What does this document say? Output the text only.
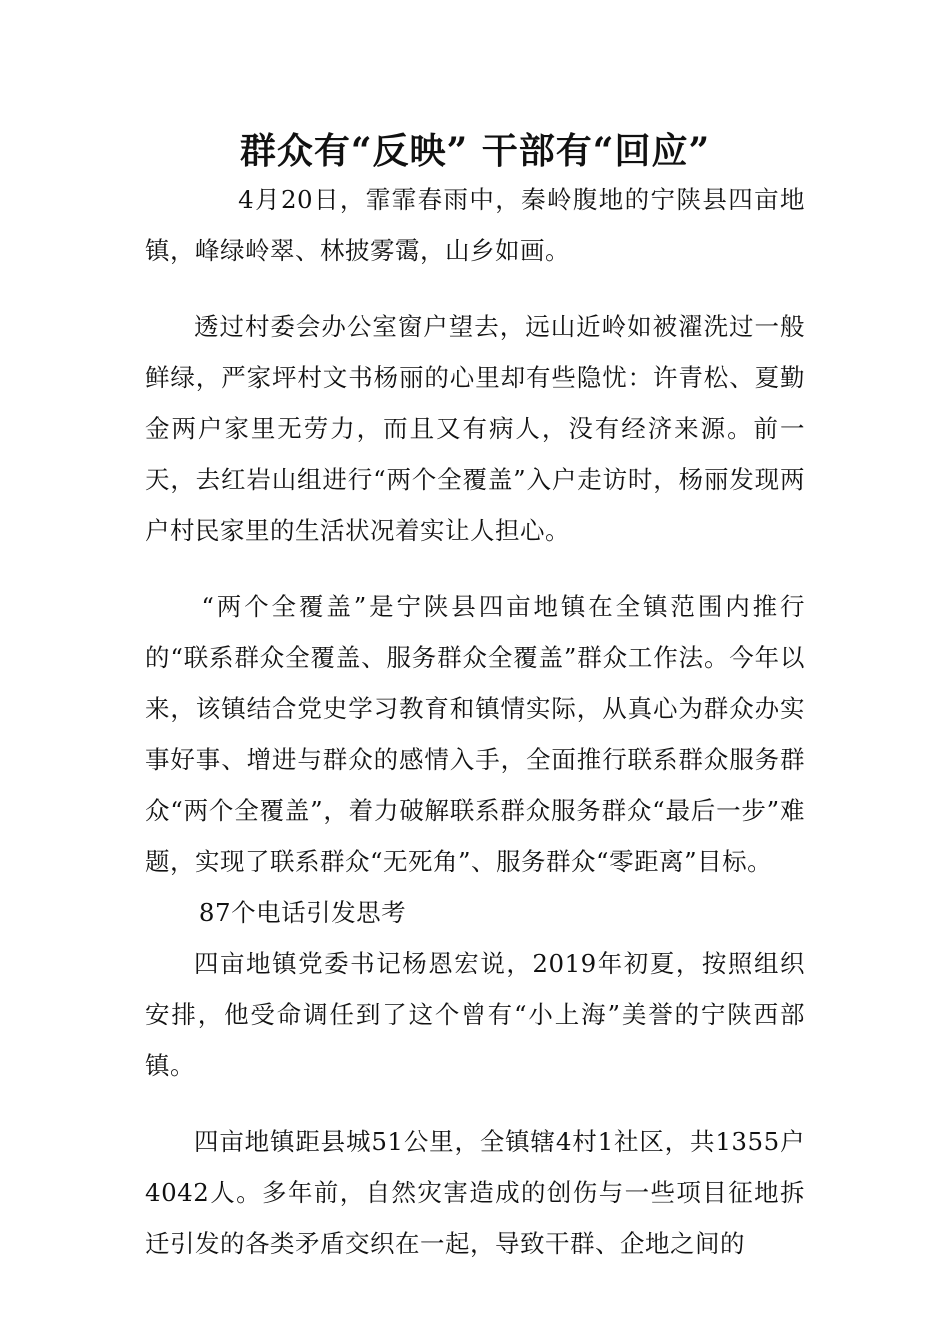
群众有“反映” 干部有“回应”

4月20日，霏霏春雨中，秦岭腹地的宁陕县四亩地镇，峰绿岭翠、林披雾霭，山乡如画。

透过村委会办公室窗户望去，远山近岭如被濯洗过一般鲜绿，严家坪村文书杨丽的心里却有些隐忧：许青松、夏勤金两户家里无劳力，而且又有病人，没有经济来源。前一天，去红岩山组进行“两个全覆盖”入户走访时，杨丽发现两户村民家里的生活状况着实让人担心。

“两个全覆盖”是宁陕县四亩地镇在全镇范围内推行的“联系群众全覆盖、服务群众全覆盖”群众工作法。今年以来，该镇结合党史学习教育和镇情实际，从真心为群众办实事好事、增进与群众的感情入手，全面推行联系群众服务群众“两个全覆盖”，着力破解联系群众服务群众“最后一步”难题，实现了联系群众“无死角”、服务群众“零距离”目标。

87个电话引发思考

四亩地镇党委书记杨恩宏说，2019年初夏，按照组织安排，他受命调任到了这个曾有“小上海”美誉的宁陕西部镇。

四亩地镇距县城51公里，全镇辖4村1社区，共1355户4042人。多年前，自然灾害造成的创伤与一些项目征地拆迁引发的各类矛盾交织在一起，导致干群、企地之间的
